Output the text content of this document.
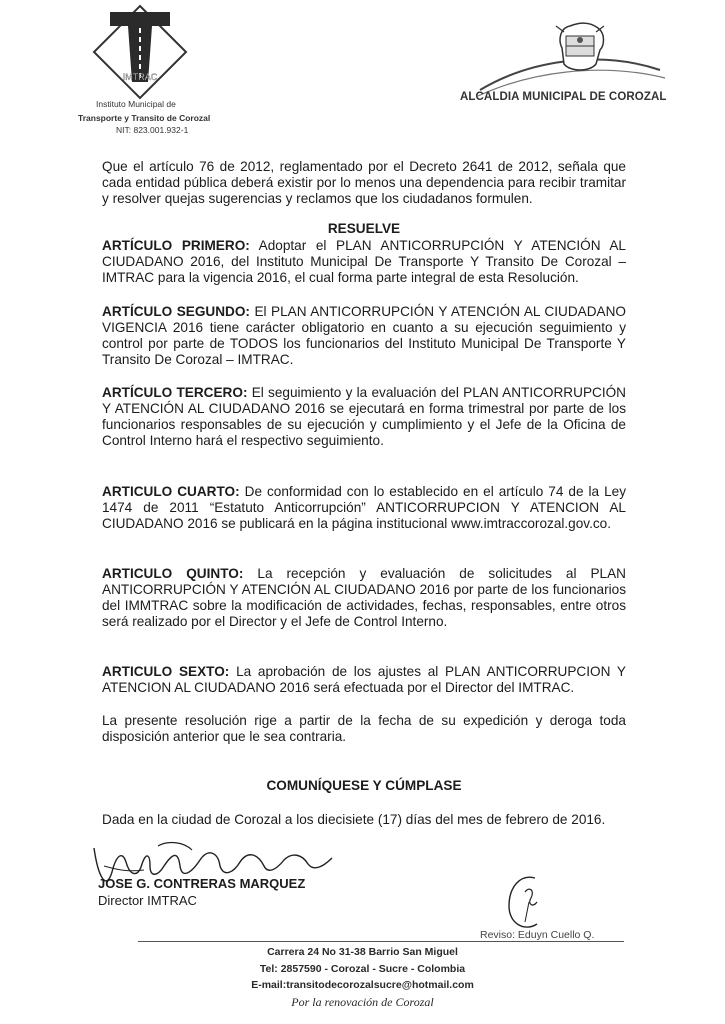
IMTRAC
Instituto Municipal de
Transporte y Transito de Corozal
NIT: 823.001.932-1
ALCALDIA MUNICIPAL DE COROZAL

Que el artículo 76 de 2012, reglamentado por el Decreto 2641 de 2012, señala que cada entidad pública deberá existir por lo menos una dependencia para recibir tramitar y resolver quejas sugerencias y reclamos que los ciudadanos formulen.

RESUELVE

ARTÍCULO PRIMERO: Adoptar el PLAN ANTICORRUPCIÓN Y ATENCIÓN AL CIUDADANO 2016, del Instituto Municipal De Transporte Y Transito De Corozal – IMTRAC para la vigencia 2016, el cual forma parte integral de esta Resolución.

ARTÍCULO SEGUNDO: El PLAN ANTICORRUPCIÓN Y ATENCIÓN AL CIUDADANO VIGENCIA 2016 tiene carácter obligatorio en cuanto a su ejecución seguimiento y control por parte de TODOS los funcionarios del Instituto Municipal De Transporte Y Transito De Corozal – IMTRAC.

ARTÍCULO TERCERO: El seguimiento y la evaluación del PLAN ANTICORRUPCIÓN Y ATENCIÓN AL CIUDADANO 2016 se ejecutará en forma trimestral por parte de los funcionarios responsables de su ejecución y cumplimiento y el Jefe de la Oficina de Control Interno hará el respectivo seguimiento.

ARTICULO CUARTO: De conformidad con lo establecido en el artículo 74 de la Ley 1474 de 2011 “Estatuto Anticorrupción” ANTICORRUPCION Y ATENCION AL CIUDADANO 2016 se publicará en la página institucional www.imtraccorozal.gov.co.

ARTICULO QUINTO: La recepción y evaluación de solicitudes al PLAN ANTICORRUPCIÓN Y ATENCIÓN AL CIUDADANO 2016 por parte de los funcionarios del IMMTRAC sobre la modificación de actividades, fechas, responsables, entre otros será realizado por el Director y el Jefe de Control Interno.

ARTICULO SEXTO: La aprobación de los ajustes al PLAN ANTICORRUPCION Y ATENCION AL CIUDADANO 2016 será efectuada por el Director del IMTRAC.

La presente resolución rige a partir de la fecha de su expedición y deroga toda disposición anterior que le sea contraria.

COMUNÍQUESE Y CÚMPLASE

Dada en la ciudad de Corozal a los diecisiete (17) días del mes de febrero de 2016.

JOSE G. CONTRERAS MARQUEZ
Director IMTRAC
Reviso: Eduyn Cuello Q.
Carrera 24 No 31-38 Barrio San Miguel
Tel: 2857590 - Corozal - Sucre - Colombia
E-mail:transitodecorozalsucre@hotmail.com
Por la renovación de Corozal
